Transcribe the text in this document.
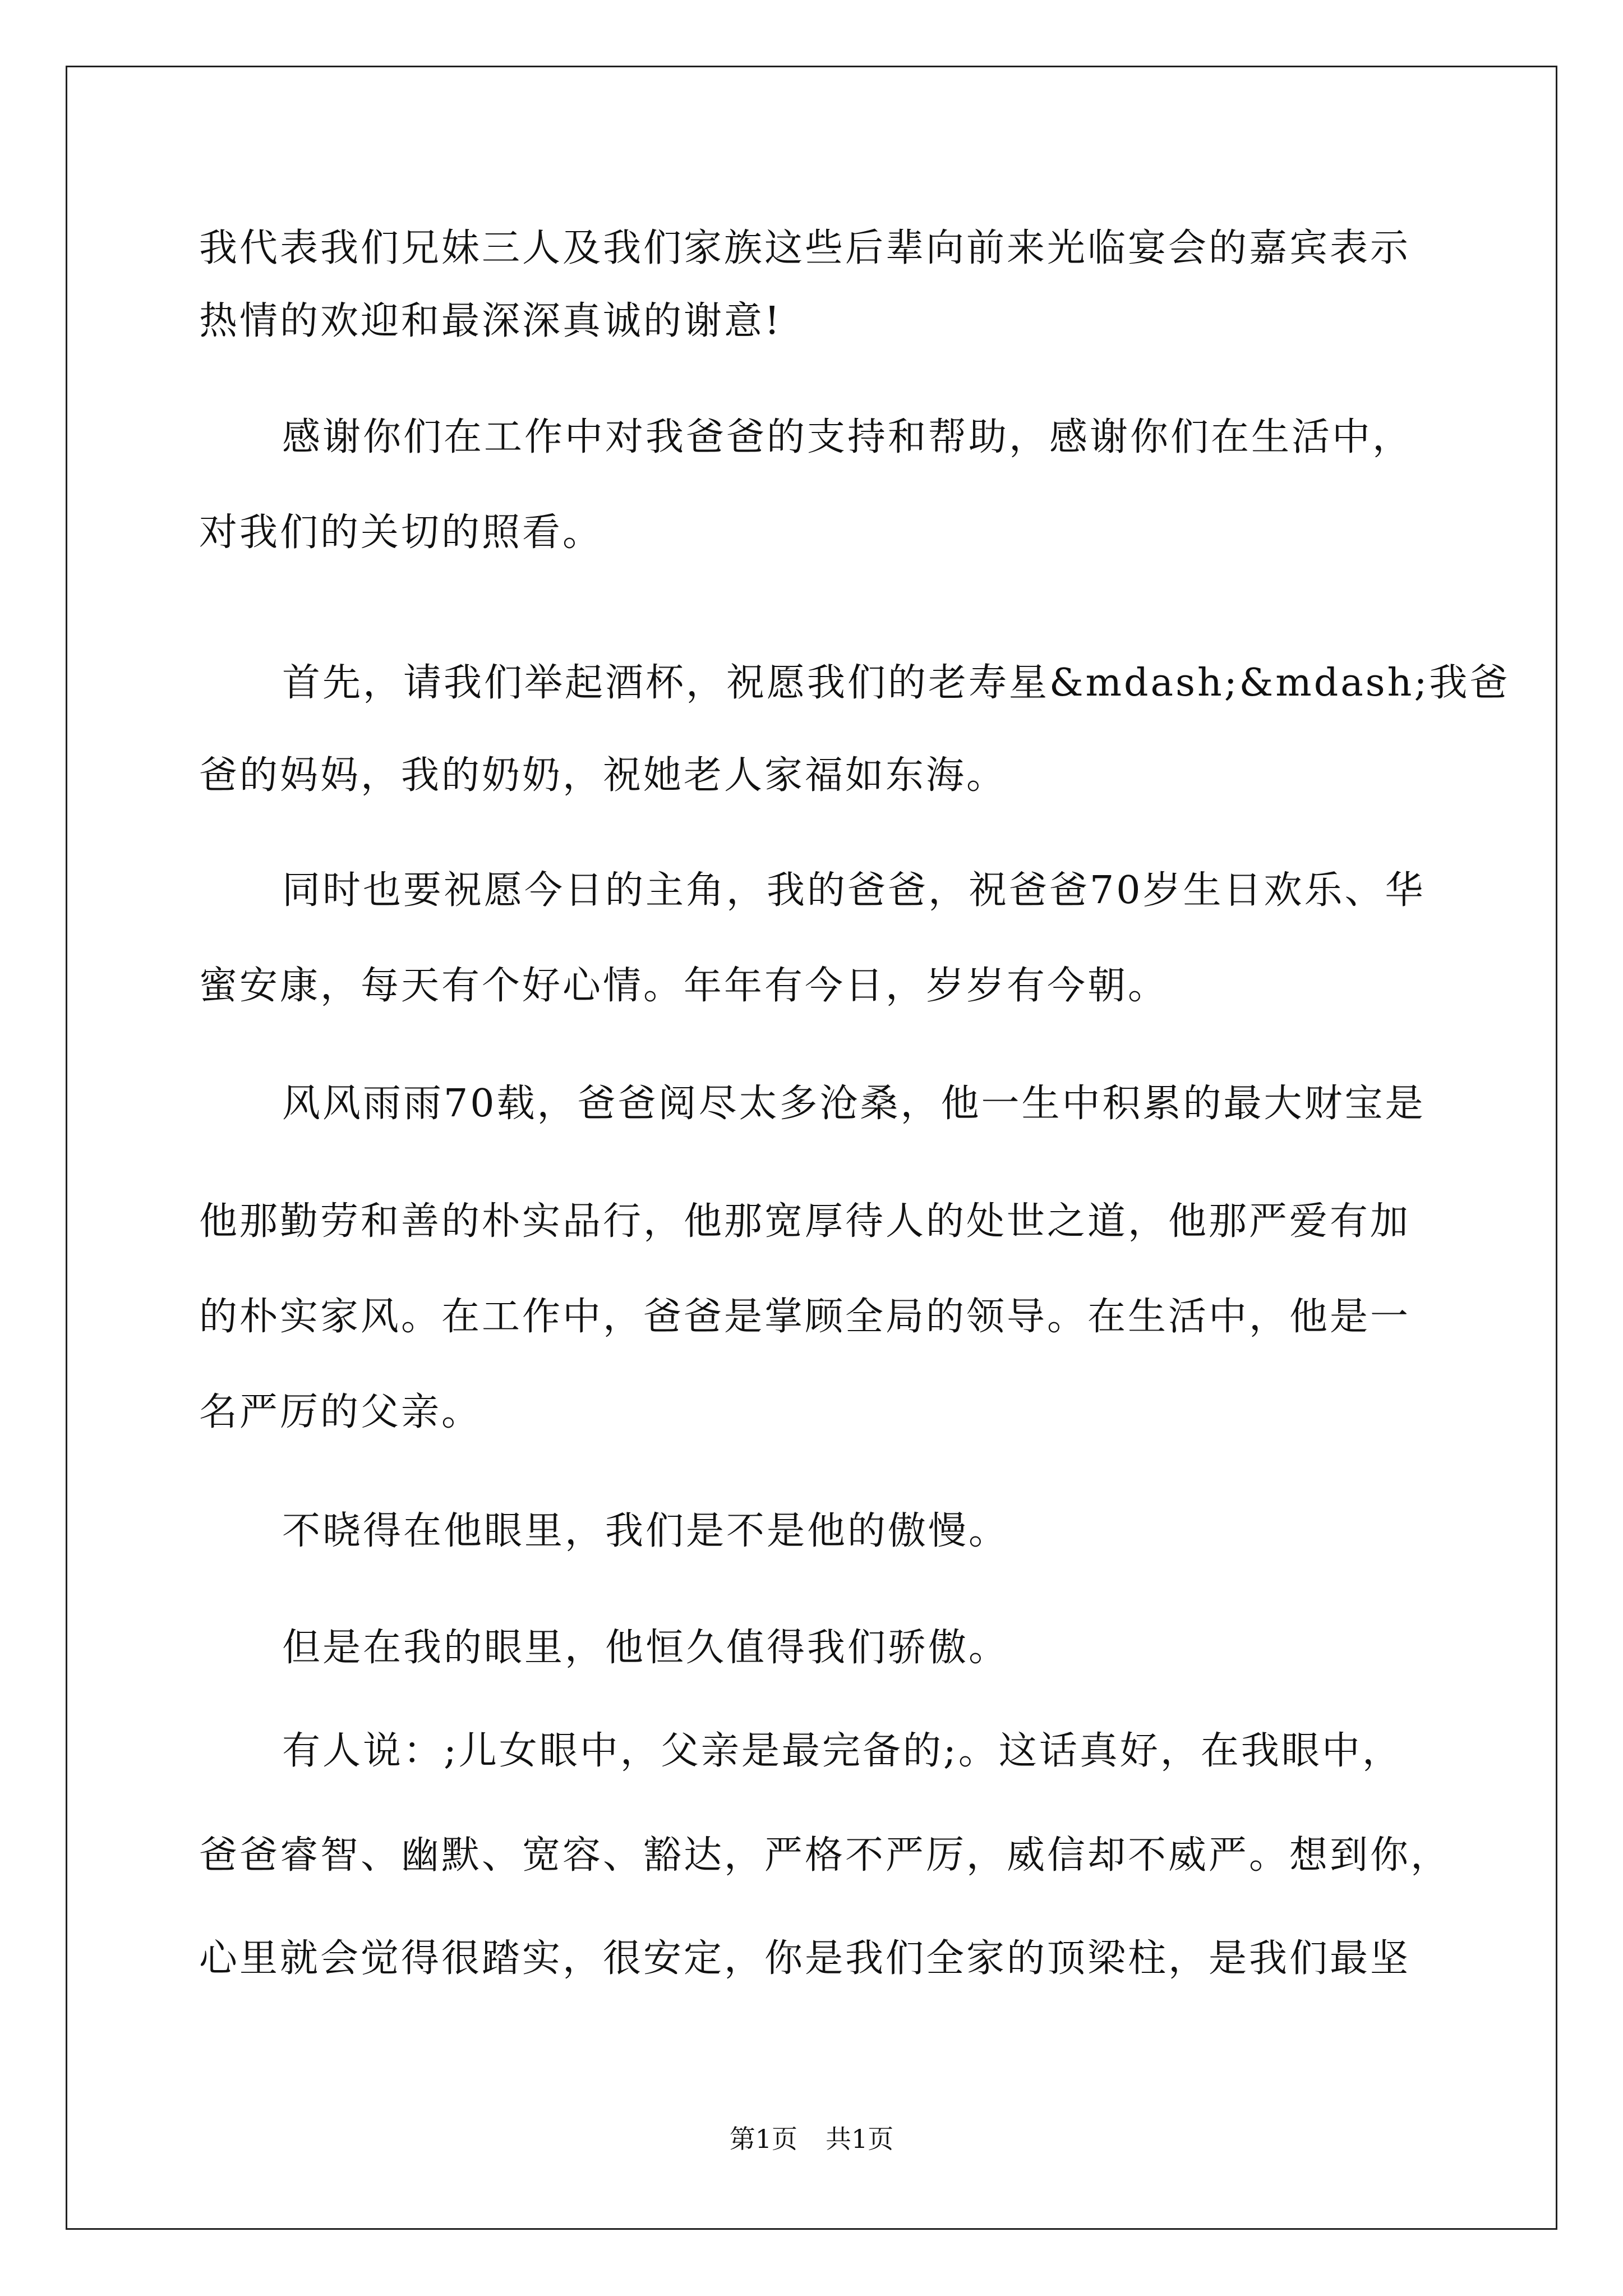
我代表我们兄妹三人及我们家族这些后辈向前来光临宴会的嘉宾表示
热情的欢迎和最深深真诚的谢意!
感谢你们在工作中对我爸爸的支持和帮助，感谢你们在生活中，
对我们的关切的照看。
首先，请我们举起酒杯，祝愿我们的老寿星&mdash;&mdash;我爸
爸的妈妈，我的奶奶，祝她老人家福如东海。
同时也要祝愿今日的主角，我的爸爸，祝爸爸70岁生日欢乐、华
蜜安康，每天有个好心情。年年有今日，岁岁有今朝。
风风雨雨70载，爸爸阅尽太多沧桑，他一生中积累的最大财宝是
他那勤劳和善的朴实品行，他那宽厚待人的处世之道，他那严爱有加
的朴实家风。在工作中，爸爸是掌顾全局的领导。在生活中，他是一
名严厉的父亲。
不晓得在他眼里，我们是不是他的傲慢。
但是在我的眼里，他恒久值得我们骄傲。
有人说：;儿女眼中，父亲是最完备的;。这话真好，在我眼中，
爸爸睿智、幽默、宽容、豁达，严格不严厉，威信却不威严。想到你，
心里就会觉得很踏实，很安定，你是我们全家的顶梁柱，是我们最坚
第1页 共1页
